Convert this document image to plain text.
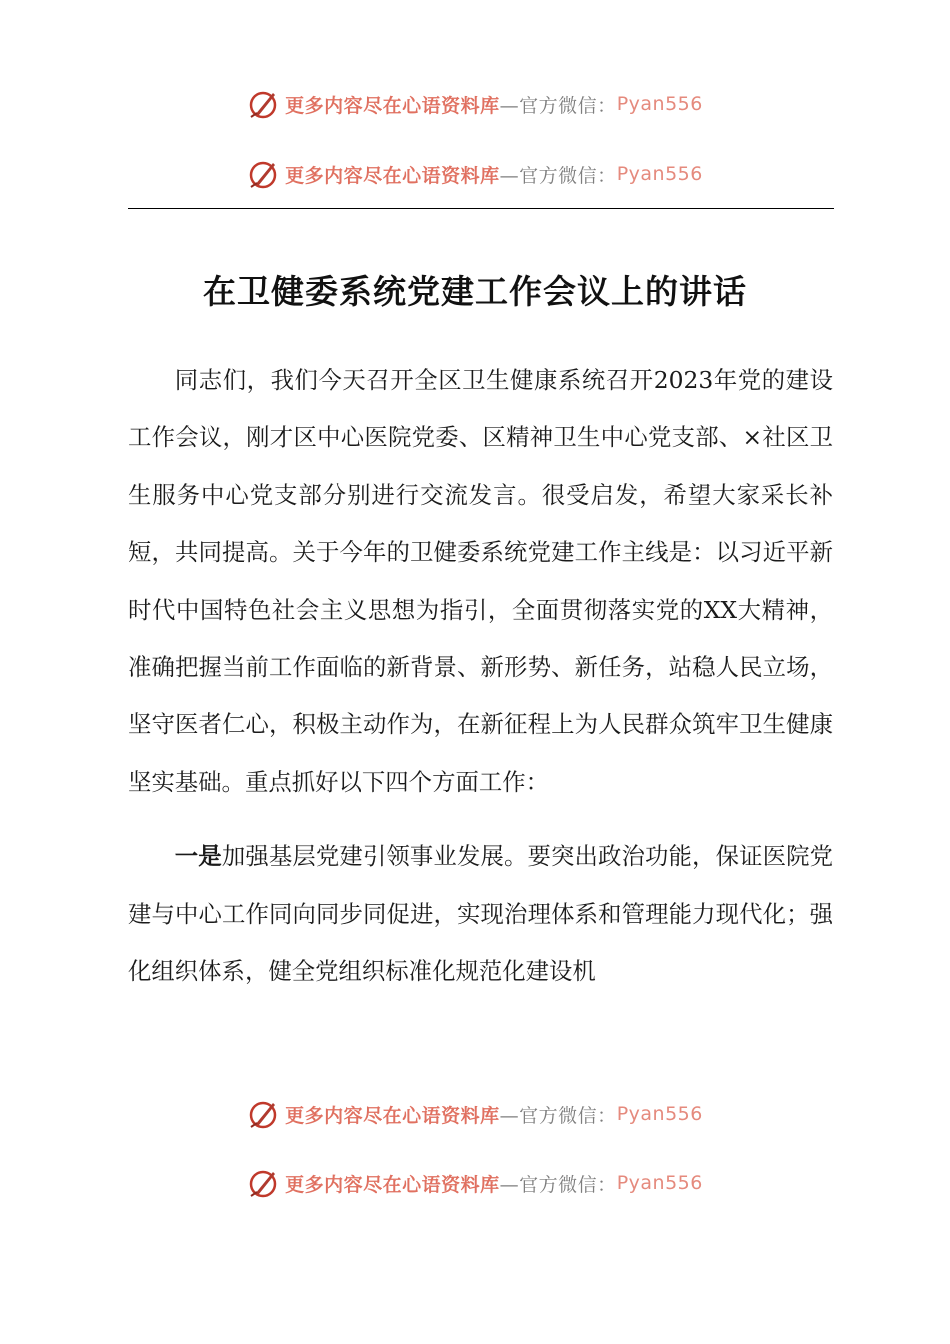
更多内容尽在心语资料库 —官方微信： Pyan556
更多内容尽在心语资料库 —官方微信： Pyan556
在卫健委系统党建工作会议上的讲话

同志们，我们今天召开全区卫生健康系统召开2023年党的建设工作会议，刚才区中心医院党委、区精神卫生中心党支部、×社区卫生服务中心党支部分别进行交流发言。很受启发，希望大家采长补短，共同提高。关于今年的卫健委系统党建工作主线是：以习近平新时代中国特色社会主义思想为指引，全面贯彻落实党的XX大精神，准确把握当前工作面临的新背景、新形势、新任务，站稳人民立场，坚守医者仁心，积极主动作为，在新征程上为人民群众筑牢卫生健康坚实基础。重点抓好以下四个方面工作：

一是加强基层党建引领事业发展。要突出政治功能，保证医院党建与中心工作同向同步同促进，实现治理体系和管理能力现代化；强化组织体系，健全党组织标准化规范化建设机

更多内容尽在心语资料库 —官方微信： Pyan556
更多内容尽在心语资料库 —官方微信： Pyan556
